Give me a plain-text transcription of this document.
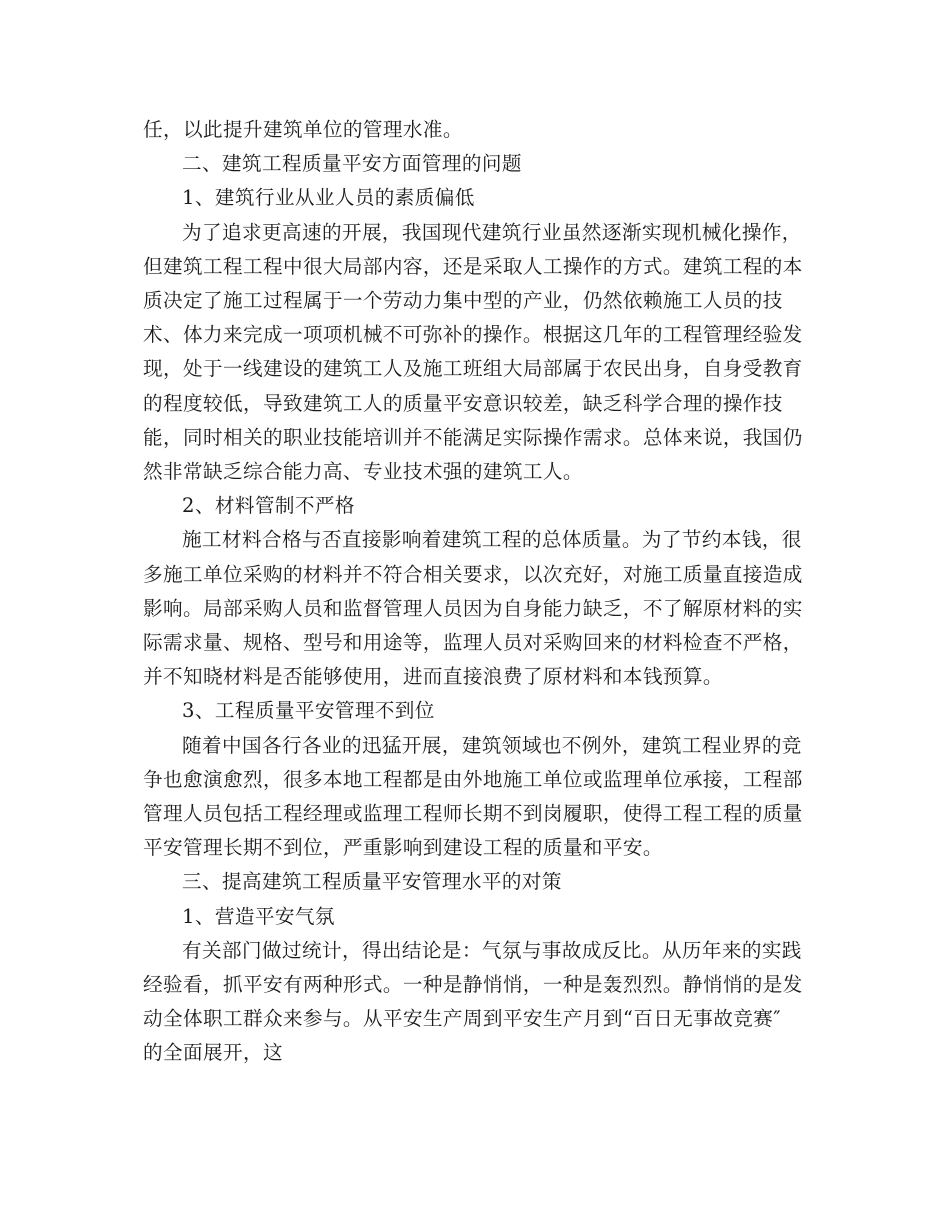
任，以此提升建筑单位的管理水准。

二、建筑工程质量平安方面管理的问题

1、建筑行业从业人员的素质偏低

为了追求更高速的开展，我国现代建筑行业虽然逐渐实现机械化操作，但建筑工程工程中很大局部内容，还是采取人工操作的方式。建筑工程的本质决定了施工过程属于一个劳动力集中型的产业，仍然依赖施工人员的技术、体力来完成一项项机械不可弥补的操作。根据这几年的工程管理经验发现，处于一线建设的建筑工人及施工班组大局部属于农民出身，自身受教育的程度较低，导致建筑工人的质量平安意识较差，缺乏科学合理的操作技能，同时相关的职业技能培训并不能满足实际操作需求。总体来说，我国仍然非常缺乏综合能力高、专业技术强的建筑工人。

2、材料管制不严格

施工材料合格与否直接影响着建筑工程的总体质量。为了节约本钱，很多施工单位采购的材料并不符合相关要求，以次充好，对施工质量直接造成影响。局部采购人员和监督管理人员因为自身能力缺乏，不了解原材料的实际需求量、规格、型号和用途等，监理人员对采购回来的材料检查不严格，并不知晓材料是否能够使用，进而直接浪费了原材料和本钱预算。

3、工程质量平安管理不到位

随着中国各行各业的迅猛开展，建筑领域也不例外，建筑工程业界的竞争也愈演愈烈，很多本地工程都是由外地施工单位或监理单位承接，工程部管理人员包括工程经理或监理工程师长期不到岗履职，使得工程工程的质量平安管理长期不到位，严重影响到建设工程的质量和平安。

三、提高建筑工程质量平安管理水平的对策

1、营造平安气氛

有关部门做过统计，得出结论是：气氛与事故成反比。从历年来的实践经验看，抓平安有两种形式。一种是静悄悄，一种是轰烈烈。静悄悄的是发动全体职工群众来参与。从平安生产周到平安生产月到“百日无事故竞赛″ 的全面展开，这
